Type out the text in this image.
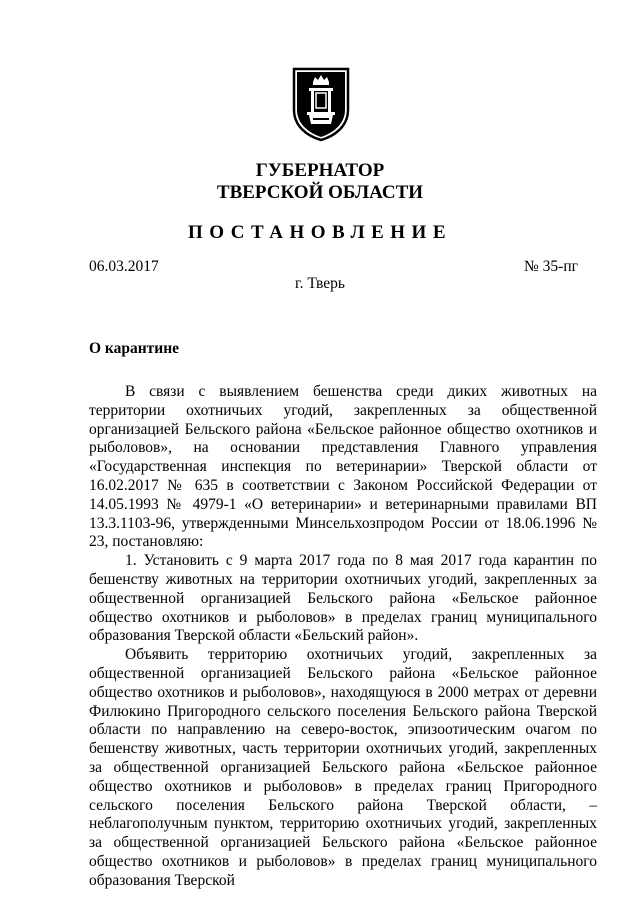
ГУБЕРНАТОР
ТВЕРСКОЙ ОБЛАСТИ
ПОСТАНОВЛЕНИЕ
06.03.2017	№ 35-пг
г. Тверь
О карантине

В связи с выявлением бешенства среди диких животных на территории охотничьих угодий, закрепленных за общественной организацией Бельского района «Бельское районное общество охотников и рыболовов», на основании представления Главного управления «Государственная инспекция по ветеринарии» Тверской области от 16.02.2017 № 635 в соответствии с Законом Российской Федерации от 14.05.1993 № 4979-1 «О ветеринарии» и ветеринарными правилами ВП 13.3.1103-96, утвержденными Минсельхозпродом России от 18.06.1996 № 23, постановляю:

1. Установить с 9 марта 2017 года по 8 мая 2017 года карантин по бешенству животных на территории охотничьих угодий, закрепленных за общественной организацией Бельского района «Бельское районное общество охотников и рыболовов» в пределах границ муниципального образования Тверской области «Бельский район».

Объявить территорию охотничьих угодий, закрепленных за общественной организацией Бельского района «Бельское районное общество охотников и рыболовов», находящуюся в 2000 метрах от деревни Филюкино Пригородного сельского поселения Бельского района Тверской области по направлению на северо-восток, эпизоотическим очагом по бешенству животных, часть территории охотничьих угодий, закрепленных за общественной организацией Бельского района «Бельское районное общество охотников и рыболовов» в пределах границ Пригородного сельского поселения Бельского района Тверской области, – неблагополучным пунктом, территорию охотничьих угодий, закрепленных за общественной организацией Бельского района «Бельское районное общество охотников и рыболовов» в пределах границ муниципального образования Тверской
